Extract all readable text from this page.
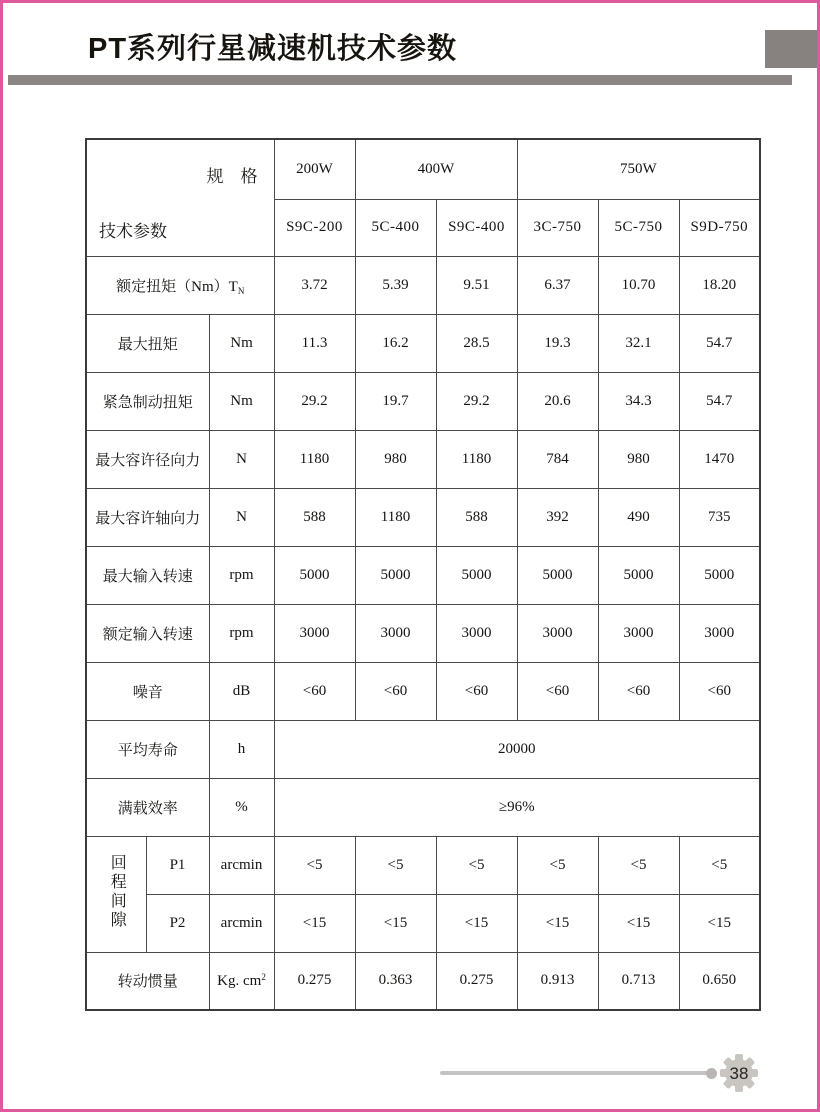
PT系列行星减速机技术参数
规　格
技术参数			200W	400W		750W		
			S9C-200	5C-400	S9C-400	3C-750	5C-750	S9D-750
额定扭矩$(Nm)T_N$			3.72	5.39	9.51	6.37	10.70	18.20
最大扭矩		Nm	11.3	16.2	28.5	19.3	32.1	54.7
紧急制动扭矩		Nm	29.2	19.7	29.2	20.6	34.3	54.7
最大容许径向力		N	1180	980	1180	784	980	1470
最大容许轴向力		N	588	1180	588	392	490	735
最大输入转速		rpm	5000	5000	5000	5000	5000	5000
额定输入转速		rpm	3000	3000	3000	3000	3000	3000
噪音		dB	<60	<60	<60	<60	<60	<60
平均寿命		h	20000					
满载效率		%	≥96%					
回程间隙	P1	arcmin	<5	<5	<5	<5	<5	<5
	P2	arcmin	<15	<15	<15	<15	<15	<15
转动惯量		Kg. $cm^2$	0.275	0.363	0.275	0.913	0.713	0.650
38
